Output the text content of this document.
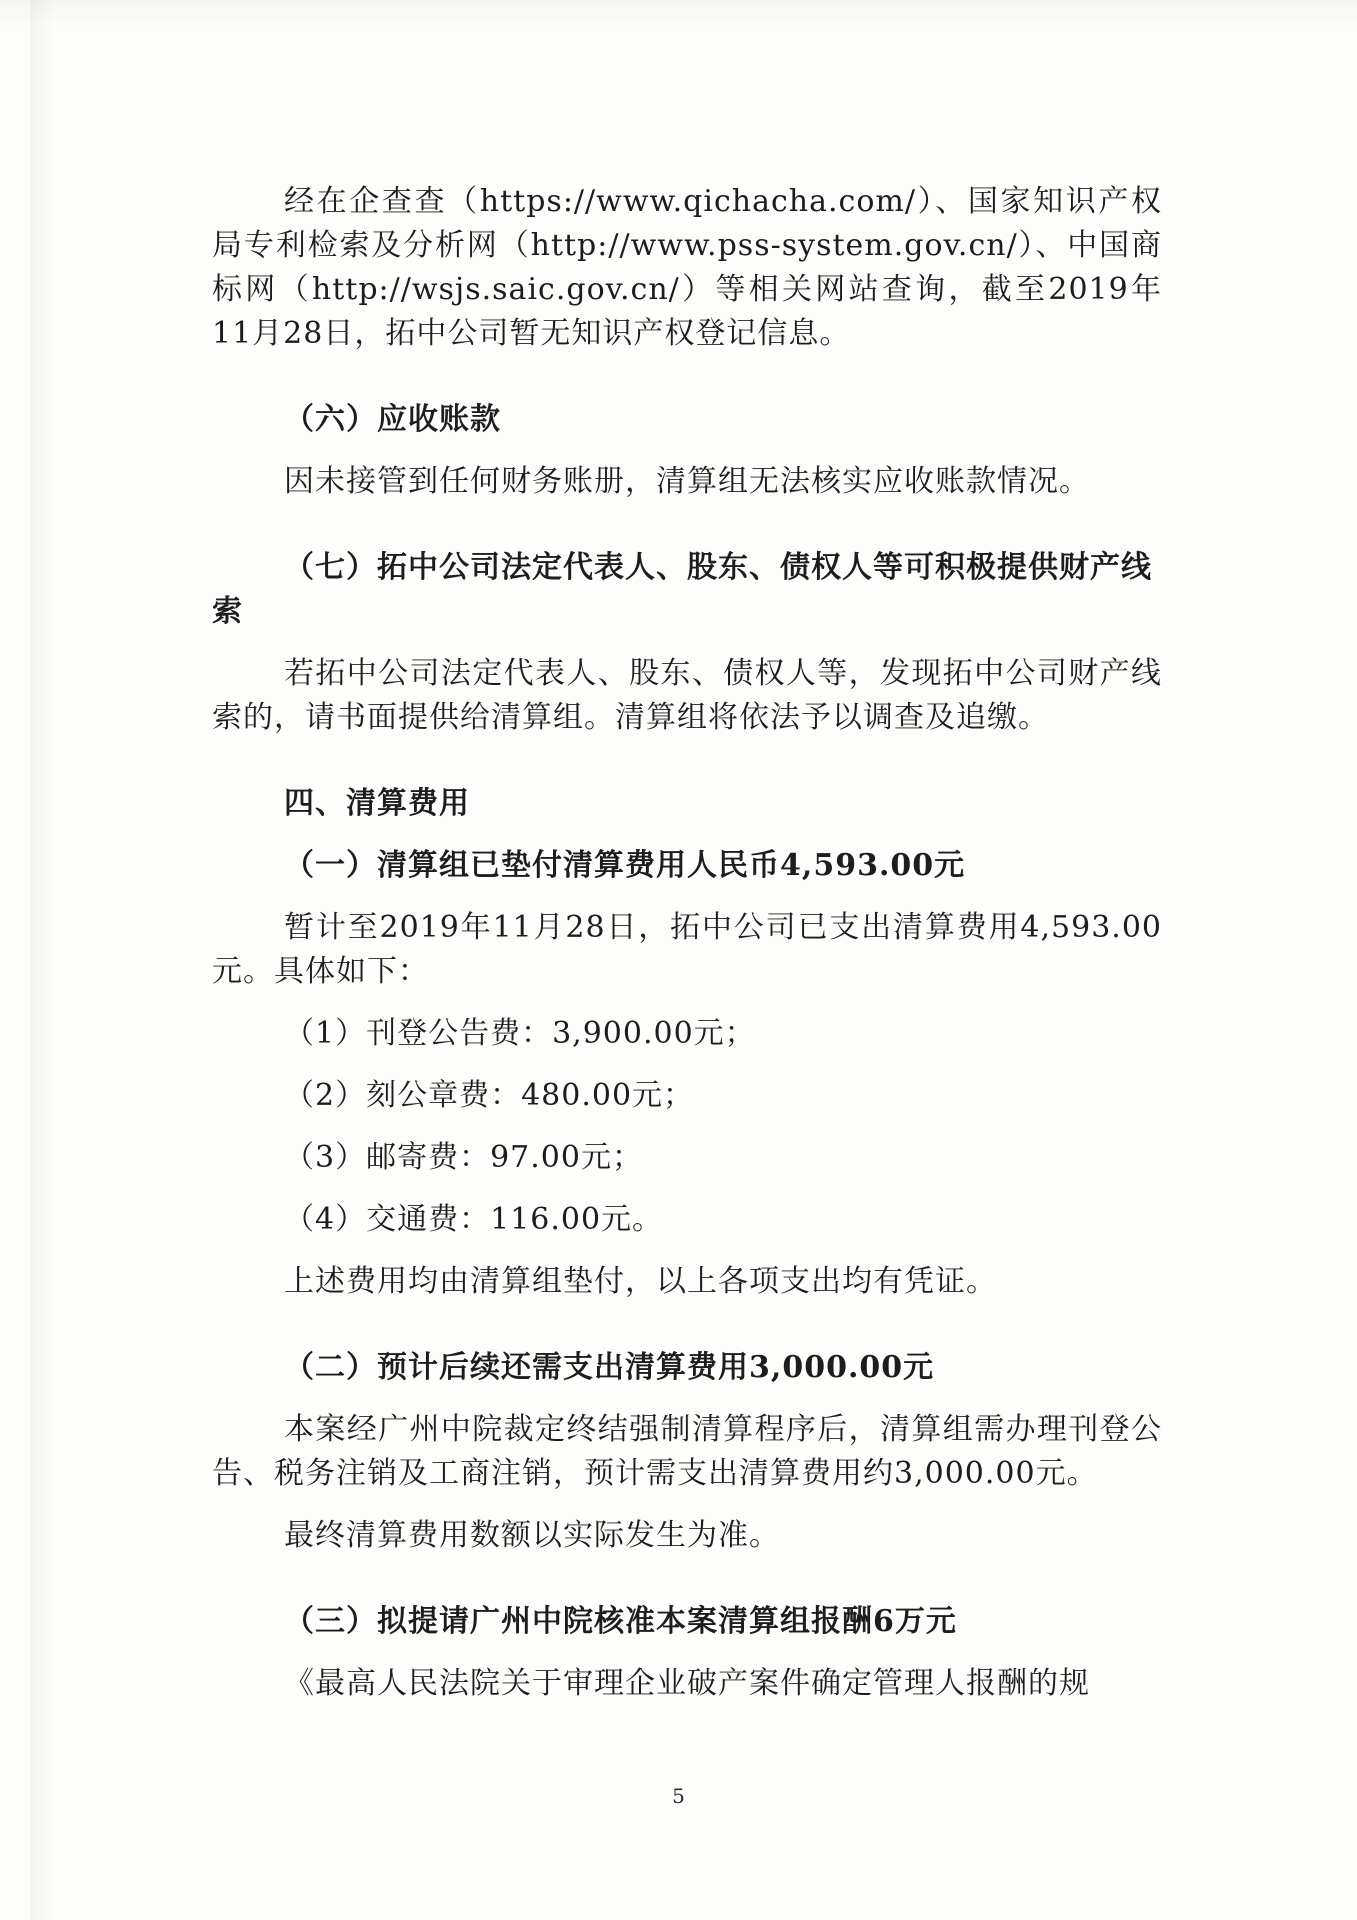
经在企查查（https://www.qichacha.com/）、国家知识产权局专利检索及分析网（http://www.pss-system.gov.cn/）、中国商标网（http://wsjs.saic.gov.cn/）等相关网站查询，截至2019年11月28日，拓中公司暂无知识产权登记信息。

（六）应收账款

因未接管到任何财务账册，清算组无法核实应收账款情况。

（七）拓中公司法定代表人、股东、债权人等可积极提供财产线索

若拓中公司法定代表人、股东、债权人等，发现拓中公司财产线索的，请书面提供给清算组。清算组将依法予以调查及追缴。

四、清算费用

（一）清算组已垫付清算费用人民币4,593.00元

暂计至2019年11月28日，拓中公司已支出清算费用4,593.00元。具体如下：

（1）刊登公告费：3,900.00元；

（2）刻公章费：480.00元；

（3）邮寄费：97.00元；

（4）交通费：116.00元。

上述费用均由清算组垫付，以上各项支出均有凭证。

（二）预计后续还需支出清算费用3,000.00元

本案经广州中院裁定终结强制清算程序后，清算组需办理刊登公告、税务注销及工商注销，预计需支出清算费用约3,000.00元。

最终清算费用数额以实际发生为准。

（三）拟提请广州中院核准本案清算组报酬6万元

《最高人民法院关于审理企业破产案件确定管理人报酬的规

5
